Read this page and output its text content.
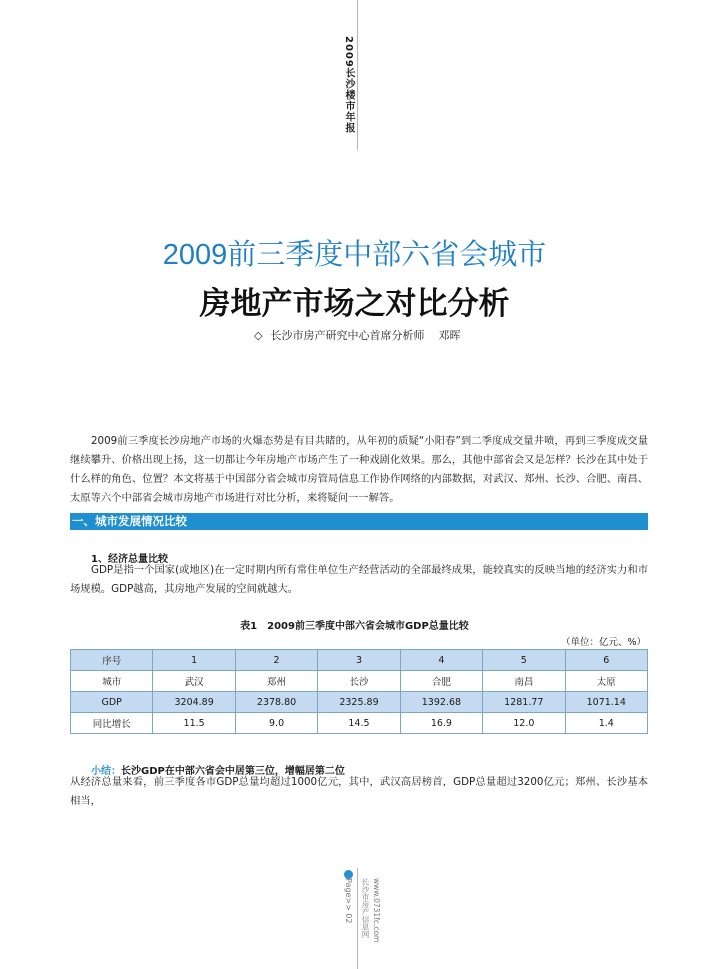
2009长沙楼市年报
2009前三季度中部六省会城市
房地产市场之对比分析
◇ 长沙市房产研究中心首席分析师 邓晖
2009前三季度长沙房地产市场的火爆态势是有目共睹的，从年初的质疑“小阳春”到二季度成交量井喷，再到三季度成交量继续攀升、价格出现上扬，这一切都让今年房地产市场产生了一种戏剧化效果。那么，其他中部省会又是怎样？长沙在其中处于什么样的角色、位置？本文将基于中国部分省会城市房管局信息工作协作网络的内部数据，对武汉、郑州、长沙、合肥、南昌、太原等六个中部省会城市房地产市场进行对比分析，来将疑问一一解答。
一、城市发展情况比较
1、经济总量比较
GDP是指一个国家(或地区)在一定时期内所有常住单位生产经营活动的全部最终成果，能较真实的反映当地的经济实力和市场规模。GDP越高，其房地产发展的空间就越大。
表1　2009前三季度中部六省会城市GDP总量比较
（单位：亿元、%）
序号	1	2	3	4	5	6
城市	武汉	郑州	长沙	合肥	南昌	太原
GDP	3204.89	2378.80	2325.89	1392.68	1281.77	1071.14
同比增长	11.5	9.0	14.5	16.9	12.0	1.4
小结：长沙GDP在中部六省会中居第三位，增幅居第二位
从经济总量来看，前三季度各市GDP总量均超过1000亿元，其中，武汉高居榜首，GDP总量超过3200亿元；郑州、长沙基本相当，
Page>> 02	www.0731fc.com
长沙市房产信息网
